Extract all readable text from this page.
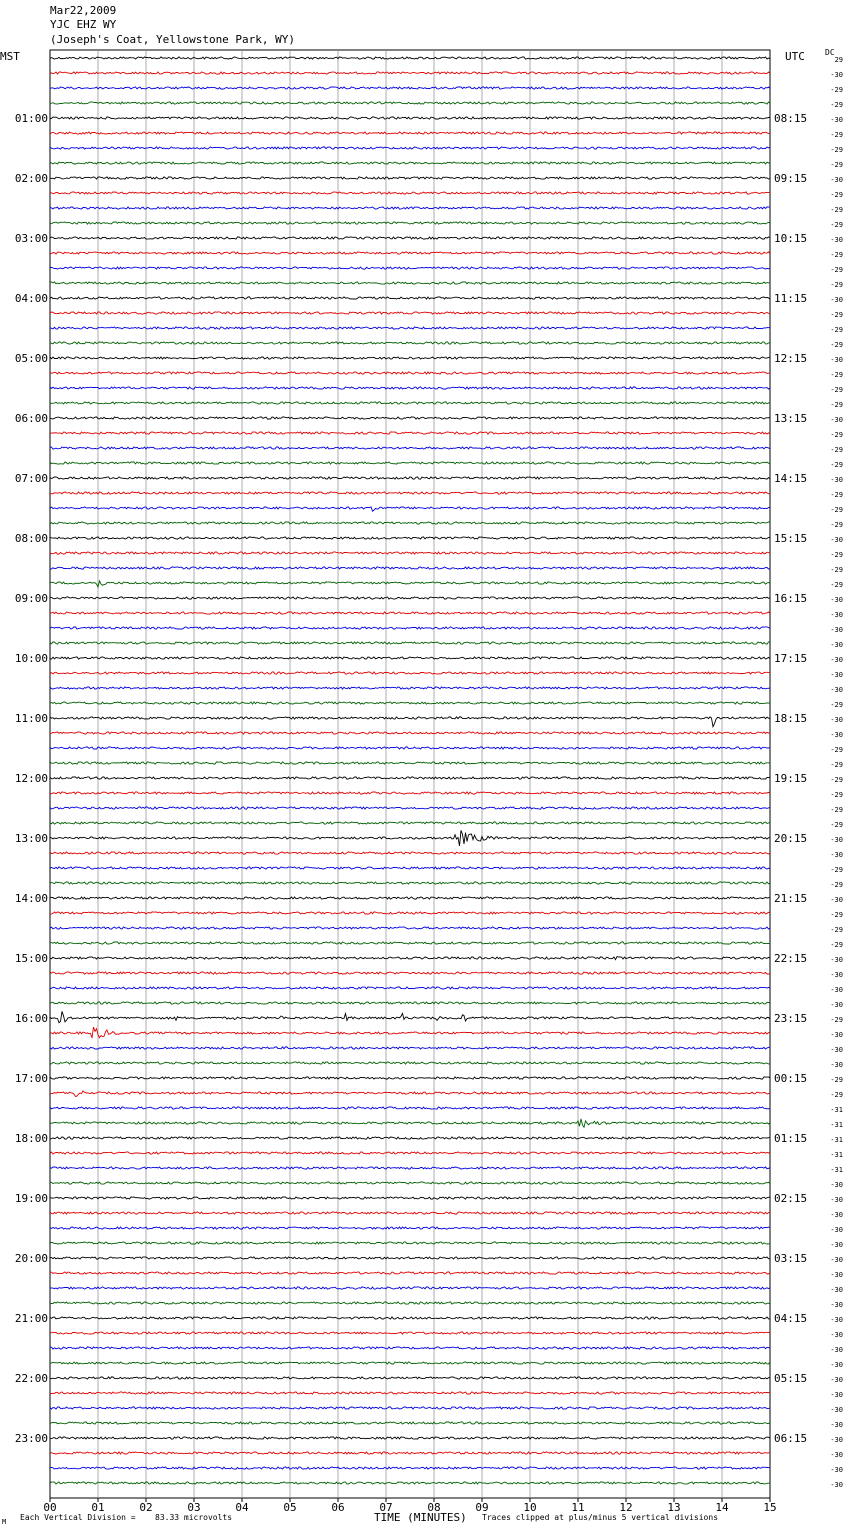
Mar22,2009
YJC EHZ WY
(Joseph's Coat, Yellowstone Park, WY)
MST	UTC	DC
00	01	02	03	04	05	06	07	08	09	10	11	12	13	14	15
29
-30
-29
-29
-30
01:00	08:15
-29
-29
-29
-30
02:00	09:15
-29
-29
-29
-30
03:00	10:15
-29
-29
-29
-30
04:00	11:15
-29
-29
-29
-30
05:00	12:15
-29
-29
-29
-30
06:00	13:15
-29
-29
-29
-30
07:00	14:15
-29
-29
-29
-30
08:00	15:15
-29
-29
-29
-30
09:00	16:15
-30
-30
-30
-30
10:00	17:15
-30
-30
-29
-30
11:00	18:15
-30
-29
-29
-29
12:00	19:15
-29
-29
-29
-30
13:00	20:15
-30
-29
-29
-30
14:00	21:15
-29
-29
-29
-30
15:00	22:15
-30
-30
-30
-29
16:00	23:15
-30
-30
-30
-29
17:00	00:15
-29
-31
-31
-31
18:00	01:15
-31
-31
-30
-30
19:00	02:15
-30
-30
-30
-30
20:00	03:15
-30
-30
-30
-30
21:00	04:15
-30
-30
-30
-30
22:00	05:15
-30
-30
-30
-30
23:00	06:15
-30
-30
-30
M Each Vertical Division = 83.33 microvolts	TIME (MINUTES) Traces clipped at plus/minus 5 vertical divisions
